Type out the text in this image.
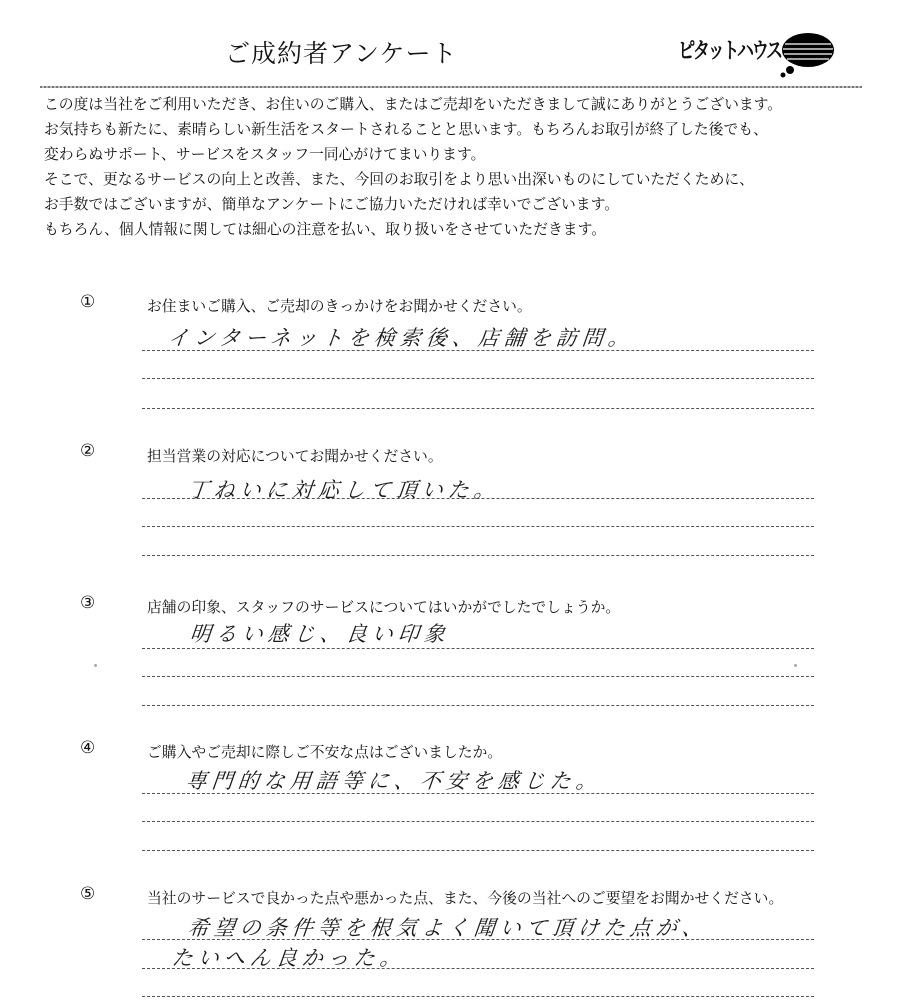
ご成約者アンケート	ピタットハウス
この度は当社をご利用いただき、お住いのご購入、またはご売却をいただきまして誠にありがとうございます。
お気持ちも新たに、素晴らしい新生活をスタートされることと思います。もちろんお取引が終了した後でも、
変わらぬサポート、サービスをスタッフ一同心がけてまいります。
そこで、更なるサービスの向上と改善、また、今回のお取引をより思い出深いものにしていただくために、
お手数ではございますが、簡単なアンケートにご協力いただければ幸いでございます。
もちろん、個人情報に関しては細心の注意を払い、取り扱いをさせていただきます。
①	お住まいご購入、ご売却のきっかけをお聞かせください。
インターネットを検索後、店舗を訪問。
②	担当営業の対応についてお聞かせください。
丁ねいに対応して頂いた。
③	店舗の印象、スタッフのサービスについてはいかがでしたでしょうか。
明るい感じ、良い印象
④	ご購入やご売却に際しご不安な点はございましたか。
専門的な用語等に、不安を感じた。
⑤	当社のサービスで良かった点や悪かった点、また、今後の当社へのご要望をお聞かせください。
希望の条件等を根気よく聞いて頂けた点が、
たいへん良かった。
